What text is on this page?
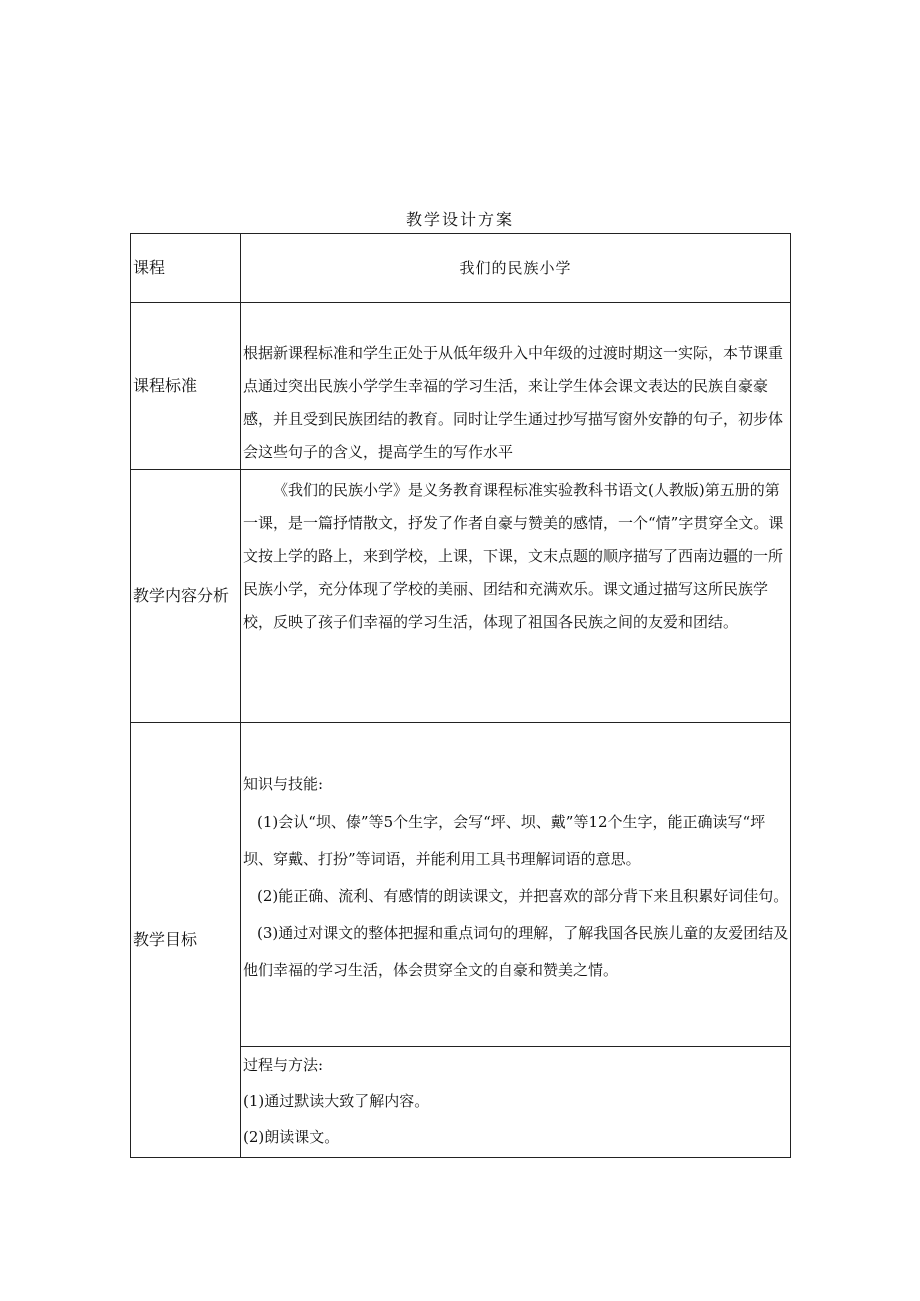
教学设计方案
课程	我们的民族小学
课程标准	根据新课程标准和学生正处于从低年级升入中年级的过渡时期这一实际，本节课重点通过突出民族小学学生幸福的学习生活，来让学生体会课文表达的民族自豪豪感，并且受到民族团结的教育。同时让学生通过抄写描写窗外安静的句子，初步体会这些句子的含义，提高学生的写作水平

教学内容分析	《我们的民族小学》是义务教育课程标准实验教科书语文(人教版)第五册的第一课，是一篇抒情散文，抒发了作者自豪与赞美的感情，一个“情”字贯穿全文。课文按上学的路上，来到学校，上课，下课，文末点题的顺序描写了西南边疆的一所民族小学，充分体现了学校的美丽、团结和充满欢乐。课文通过描写这所民族学校，反映了孩子们幸福的学习生活，体现了祖国各民族之间的友爱和团结。

教学目标	知识与技能:

(1)会认“坝、傣”等5个生字，会写“坪、坝、戴”等12个生字，能正确读写“坪坝、穿戴、打扮”等词语，并能利用工具书理解词语的意思。

(2)能正确、流利、有感情的朗读课文，并把喜欢的部分背下来且积累好词佳句。

(3)通过对课文的整体把握和重点词句的理解，了解我国各民族儿童的友爱团结及他们幸福的学习生活，体会贯穿全文的自豪和赞美之情。

	过程与方法:

(1)通过默读大致了解内容。

(2)朗读课文。
